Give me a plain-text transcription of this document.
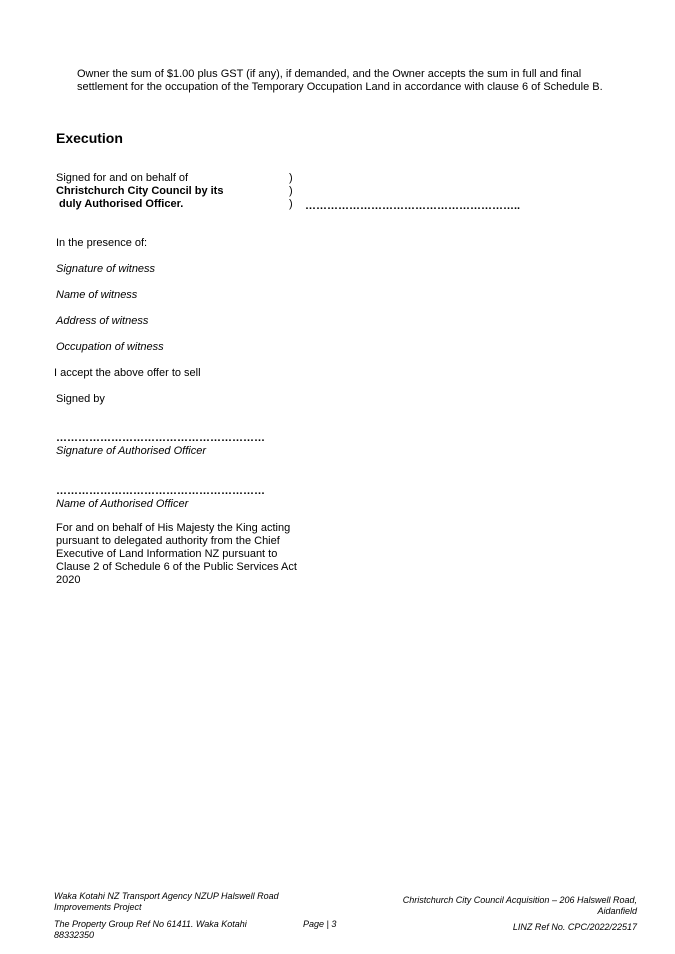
Owner the sum of $1.00 plus GST (if any), if demanded, and the Owner accepts the sum in full and final settlement for the occupation of the Temporary Occupation Land in accordance with clause 6 of Schedule B.
Execution
Signed for and on behalf of
Christchurch City Council by its
duly Authorised Officer.
)
)
)	…………………………………………………..
In the presence of:
Signature of witness
Name of witness
Address of witness
Occupation of witness
I accept the above offer to sell
Signed by
…………………………………………………
Signature of Authorised Officer
…………………………………………………
Name of Authorised Officer
For and on behalf of His Majesty the King acting pursuant to delegated authority from the Chief Executive of Land Information NZ pursuant to Clause 2 of Schedule 6 of the Public Services Act 2020
Waka Kotahi NZ Transport Agency NZUP Halswell Road Improvements Project
The Property Group Ref No 61411. Waka Kotahi 88332350
Page | 3
Christchurch City Council Acquisition – 206 Halswell Road, Aidanfield
LINZ Ref No. CPC/2022/22517
